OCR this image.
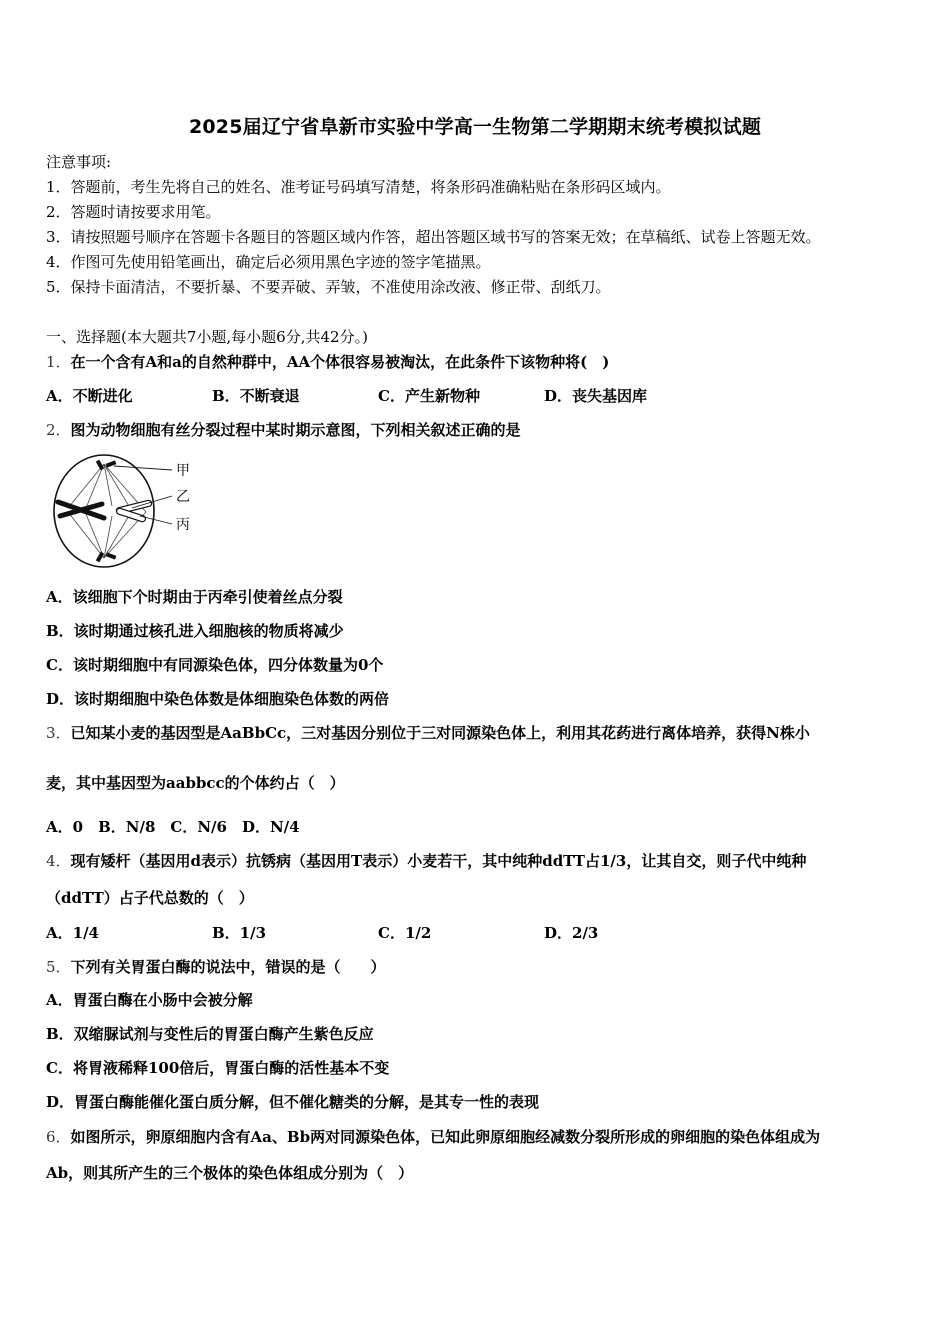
2025届辽宁省阜新市实验中学高一生物第二学期期末统考模拟试题
注意事项:
1．答题前，考生先将自己的姓名、准考证号码填写清楚，将条形码准确粘贴在条形码区域内。
2．答题时请按要求用笔。
3．请按照题号顺序在答题卡各题目的答题区域内作答，超出答题区域书写的答案无效；在草稿纸、试卷上答题无效。
4．作图可先使用铅笔画出，确定后必须用黑色字迹的签字笔描黑。
5．保持卡面清洁，不要折暴、不要弄破、弄皱，不准使用涂改液、修正带、刮纸刀。
一、选择题(本大题共7小题,每小题6分,共42分。)
1．在一个含有A和a的自然种群中，AA个体很容易被淘汰，在此条件下该物种将(　)
A．不断进化	B．不断衰退	C．产生新物种	D．丧失基因库
2．图为动物细胞有丝分裂过程中某时期示意图，下列相关叙述正确的是
甲
乙
丙
A．该细胞下个时期由于丙牵引使着丝点分裂
B．该时期通过核孔进入细胞核的物质将减少
C．该时期细胞中有同源染色体，四分体数量为0个
D．该时期细胞中染色体数是体细胞染色体数的两倍
3．已知某小麦的基因型是AaBbCc，三对基因分别位于三对同源染色体上，利用其花药进行离体培养，获得N株小
麦，其中基因型为aabbcc的个体约占（　）
A．0　B．N/8　C．N/6　D．N/4
4．现有矮杆（基因用d表示）抗锈病（基因用T表示）小麦若干，其中纯种ddTT占1/3，让其自交，则子代中纯种
（ddTT）占子代总数的（　）
A．1/4	B．1/3	C．1/2	D．2/3
5．下列有关胃蛋白酶的说法中，错误的是（　　）
A．胃蛋白酶在小肠中会被分解
B．双缩脲试剂与变性后的胃蛋白酶产生紫色反应
C．将胃液稀释100倍后，胃蛋白酶的活性基本不变
D．胃蛋白酶能催化蛋白质分解，但不催化糖类的分解，是其专一性的表现
6．如图所示，卵原细胞内含有Aa、Bb两对同源染色体，已知此卵原细胞经减数分裂所形成的卵细胞的染色体组成为
Ab，则其所产生的三个极体的染色体组成分别为（　）
